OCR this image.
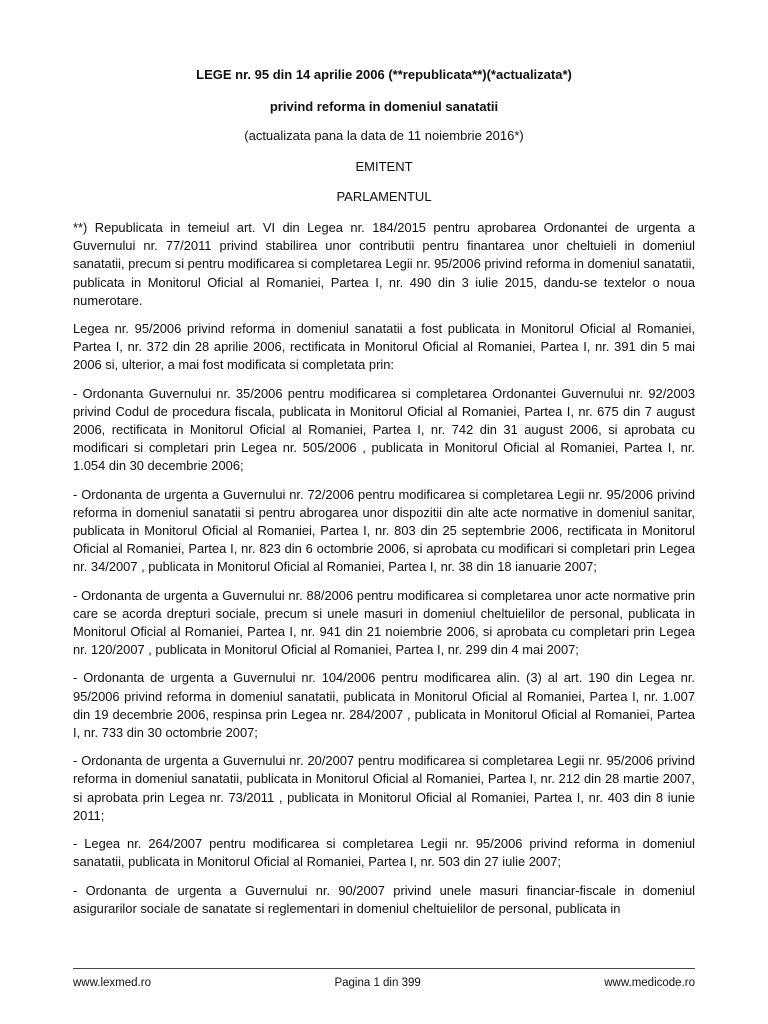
LEGE nr. 95 din 14 aprilie 2006 (**republicata**)(*actualizata*)

privind reforma in domeniul sanatatii

(actualizata pana la data de 11 noiembrie 2016*)

EMITENT

PARLAMENTUL

**) Republicata in temeiul art. VI din Legea nr. 184/2015 pentru aprobarea Ordonantei de urgenta a Guvernului nr. 77/2011 privind stabilirea unor contributii pentru finantarea unor cheltuieli in domeniul sanatatii, precum si pentru modificarea si completarea Legii nr. 95/2006 privind reforma in domeniul sanatatii, publicata in Monitorul Oficial al Romaniei, Partea I, nr. 490 din 3 iulie 2015, dandu-se textelor o noua numerotare.

Legea nr. 95/2006 privind reforma in domeniul sanatatii a fost publicata in Monitorul Oficial al Romaniei, Partea I, nr. 372 din 28 aprilie 2006, rectificata in Monitorul Oficial al Romaniei, Partea I, nr. 391 din 5 mai 2006 si, ulterior, a mai fost modificata si completata prin:

- Ordonanta Guvernului nr. 35/2006 pentru modificarea si completarea Ordonantei Guvernului nr. 92/2003 privind Codul de procedura fiscala, publicata in Monitorul Oficial al Romaniei, Partea I, nr. 675 din 7 august 2006, rectificata in Monitorul Oficial al Romaniei, Partea I, nr. 742 din 31 august 2006, si aprobata cu modificari si completari prin Legea nr. 505/2006 , publicata in Monitorul Oficial al Romaniei, Partea I, nr. 1.054 din 30 decembrie 2006;

- Ordonanta de urgenta a Guvernului nr. 72/2006 pentru modificarea si completarea Legii nr. 95/2006 privind reforma in domeniul sanatatii si pentru abrogarea unor dispozitii din alte acte normative in domeniul sanitar, publicata in Monitorul Oficial al Romaniei, Partea I, nr. 803 din 25 septembrie 2006, rectificata in Monitorul Oficial al Romaniei, Partea I, nr. 823 din 6 octombrie 2006, si aprobata cu modificari si completari prin Legea nr. 34/2007 , publicata in Monitorul Oficial al Romaniei, Partea I, nr. 38 din 18 ianuarie 2007;

- Ordonanta de urgenta a Guvernului nr. 88/2006 pentru modificarea si completarea unor acte normative prin care se acorda drepturi sociale, precum si unele masuri in domeniul cheltuielilor de personal, publicata in Monitorul Oficial al Romaniei, Partea I, nr. 941 din 21 noiembrie 2006, si aprobata cu completari prin Legea nr. 120/2007 , publicata in Monitorul Oficial al Romaniei, Partea I, nr. 299 din 4 mai 2007;

- Ordonanta de urgenta a Guvernului nr. 104/2006 pentru modificarea alin. (3) al art. 190 din Legea nr. 95/2006 privind reforma in domeniul sanatatii, publicata in Monitorul Oficial al Romaniei, Partea I, nr. 1.007 din 19 decembrie 2006, respinsa prin Legea nr. 284/2007 , publicata in Monitorul Oficial al Romaniei, Partea I, nr. 733 din 30 octombrie 2007;

- Ordonanta de urgenta a Guvernului nr. 20/2007 pentru modificarea si completarea Legii nr. 95/2006 privind reforma in domeniul sanatatii, publicata in Monitorul Oficial al Romaniei, Partea I, nr. 212 din 28 martie 2007, si aprobata prin Legea nr. 73/2011 , publicata in Monitorul Oficial al Romaniei, Partea I, nr. 403 din 8 iunie 2011;

- Legea nr. 264/2007 pentru modificarea si completarea Legii nr. 95/2006 privind reforma in domeniul sanatatii, publicata in Monitorul Oficial al Romaniei, Partea I, nr. 503 din 27 iulie 2007;

- Ordonanta de urgenta a Guvernului nr. 90/2007 privind unele masuri financiar-fiscale in domeniul asigurarilor sociale de sanatate si reglementari in domeniul cheltuielilor de personal, publicata in

www.lexmed.ro	Pagina 1 din 399	www.medicode.ro
